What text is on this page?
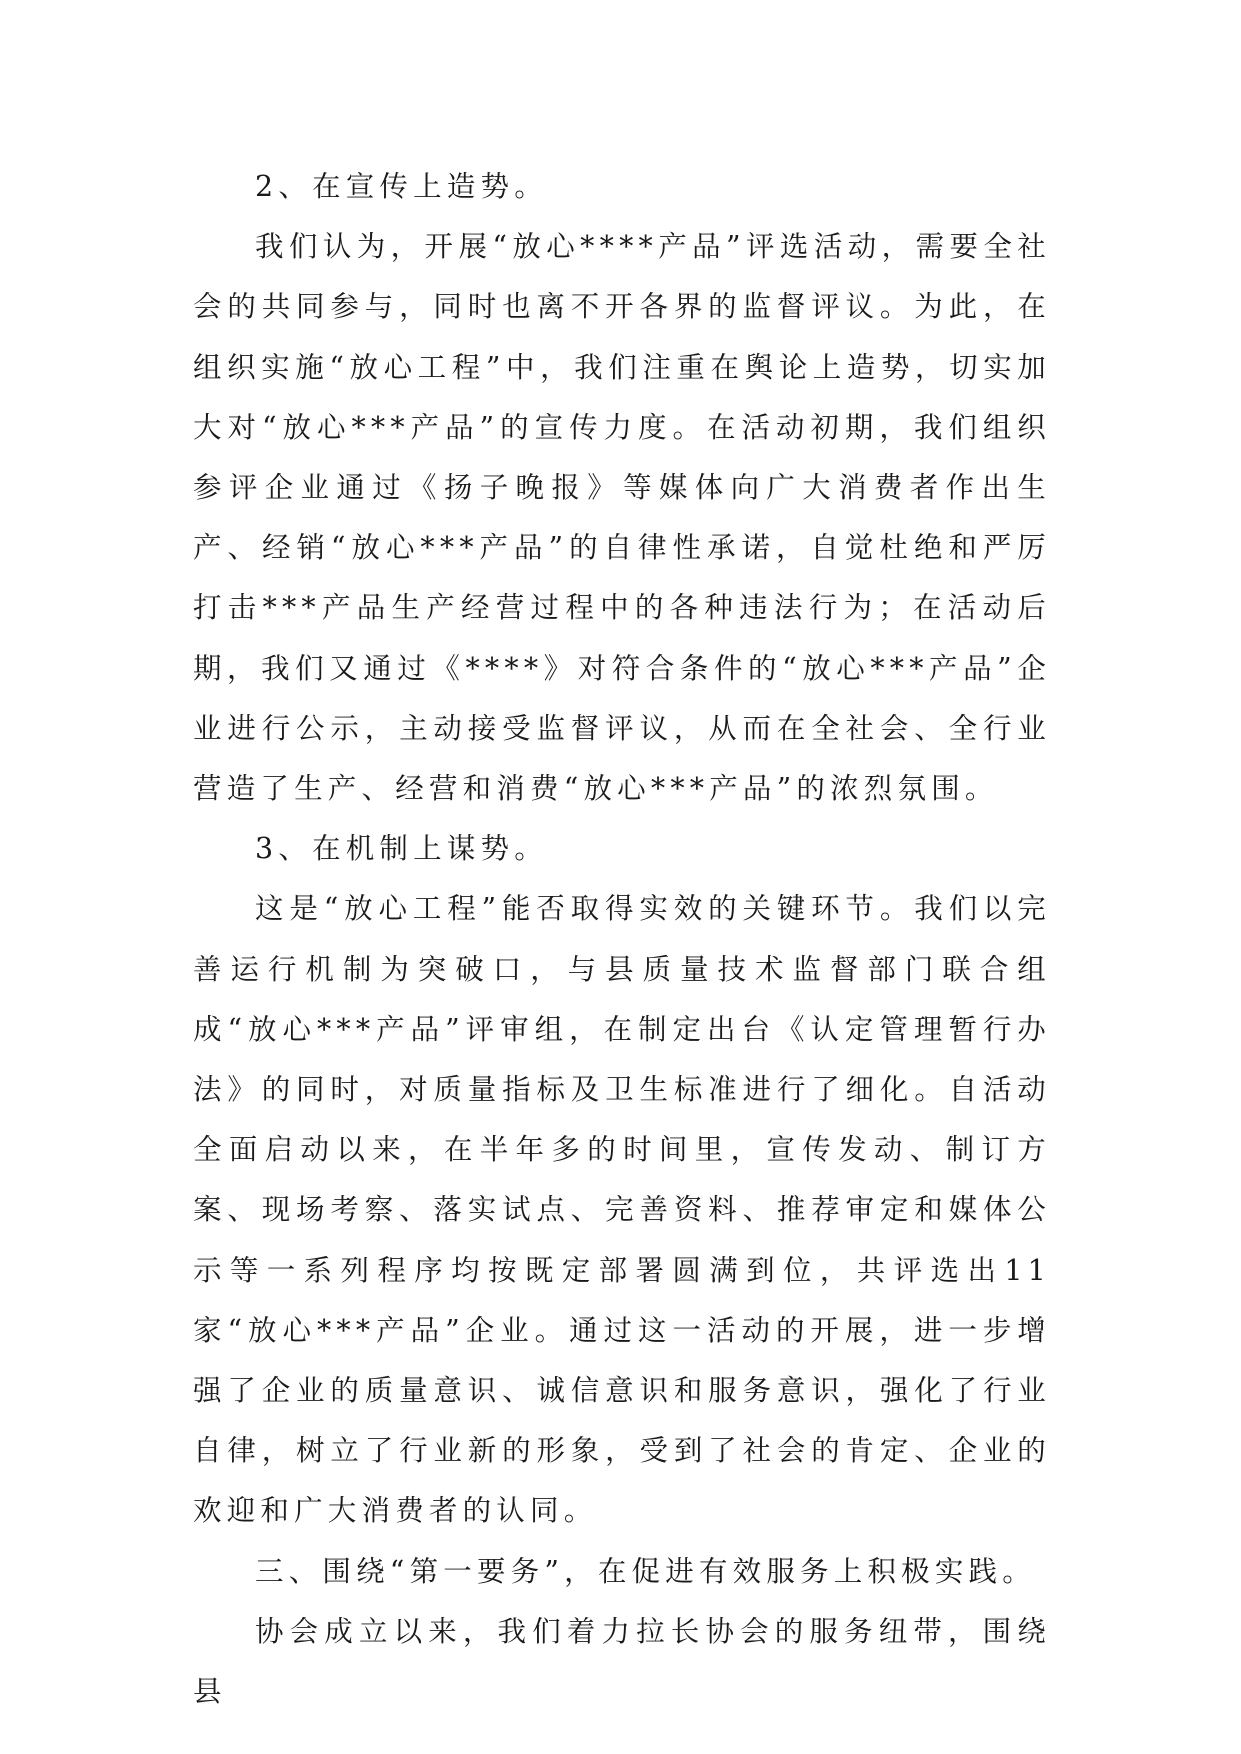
2、在宣传上造势。

我们认为，开展“放心****产品”评选活动，需要全社会的共同参与，同时也离不开各界的监督评议。为此，在组织实施“放心工程”中，我们注重在舆论上造势，切实加大对“放心***产品”的宣传力度。在活动初期，我们组织参评企业通过《扬子晚报》等媒体向广大消费者作出生产、经销“放心***产品”的自律性承诺，自觉杜绝和严厉打击***产品生产经营过程中的各种违法行为；在活动后期，我们又通过《****》对符合条件的“放心***产品”企业进行公示，主动接受监督评议，从而在全社会、全行业营造了生产、经营和消费“放心***产品”的浓烈氛围。

3、在机制上谋势。

这是“放心工程”能否取得实效的关键环节。我们以完善运行机制为突破口，与县质量技术监督部门联合组成“放心***产品”评审组，在制定出台《认定管理暂行办法》的同时，对质量指标及卫生标准进行了细化。自活动全面启动以来，在半年多的时间里，宣传发动、制订方案、现场考察、落实试点、完善资料、推荐审定和媒体公示等一系列程序均按既定部署圆满到位，共评选出11家“放心***产品”企业。通过这一活动的开展，进一步增强了企业的质量意识、诚信意识和服务意识，强化了行业自律，树立了行业新的形象，受到了社会的肯定、企业的欢迎和广大消费者的认同。

三、围绕“第一要务”，在促进有效服务上积极实践。

协会成立以来，我们着力拉长协会的服务纽带，围绕县
